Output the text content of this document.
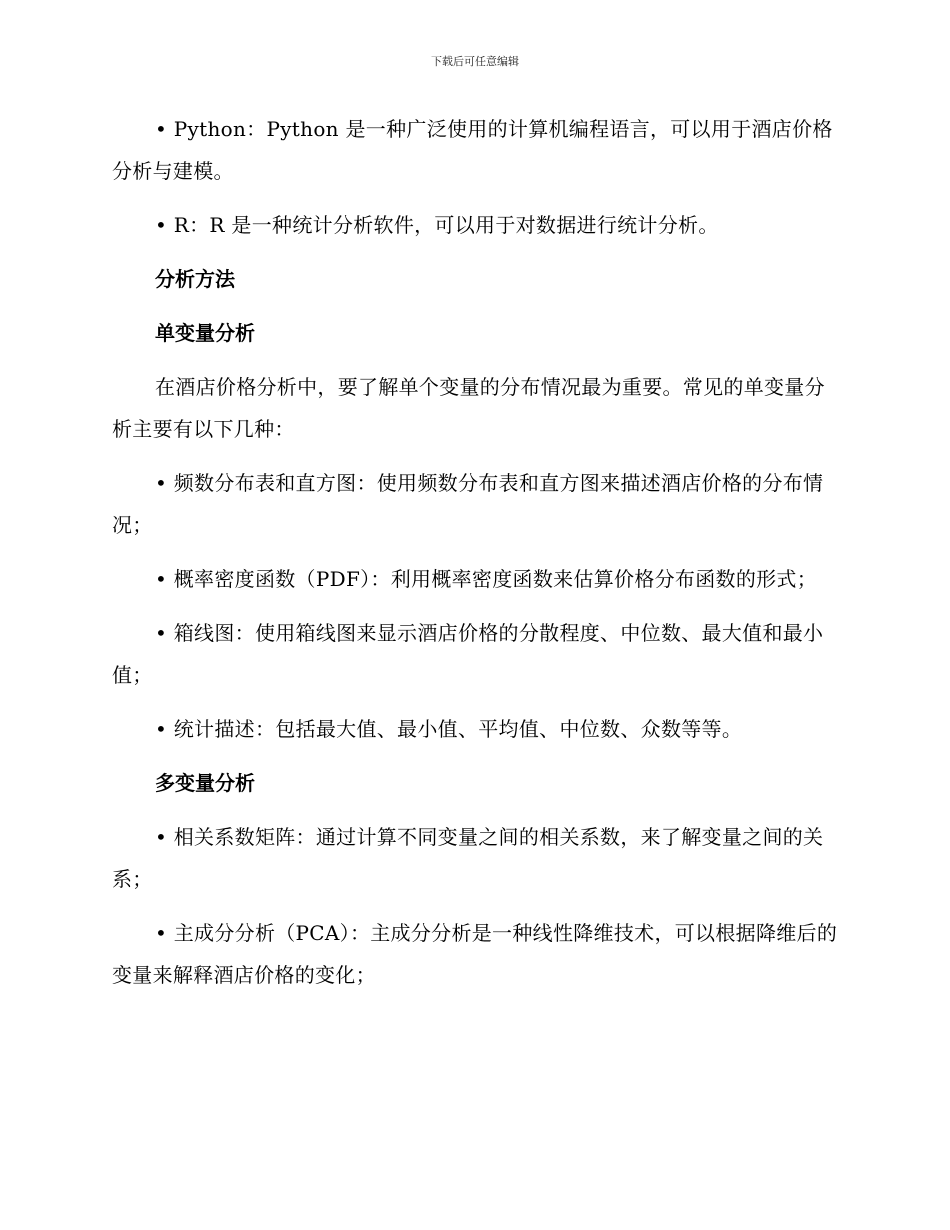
下载后可任意编辑

• Python：Python 是一种广泛使用的计算机编程语言，可以用于酒店价格分析与建模。

• R：R 是一种统计分析软件，可以用于对数据进行统计分析。

分析方法

单变量分析

在酒店价格分析中，要了解单个变量的分布情况最为重要。常见的单变量分析主要有以下几种：

• 频数分布表和直方图：使用频数分布表和直方图来描述酒店价格的分布情况；

• 概率密度函数（PDF）：利用概率密度函数来估算价格分布函数的形式；

• 箱线图：使用箱线图来显示酒店价格的分散程度、中位数、最大值和最小值；

• 统计描述：包括最大值、最小值、平均值、中位数、众数等等。

多变量分析

• 相关系数矩阵：通过计算不同变量之间的相关系数，来了解变量之间的关系；

• 主成分分析（PCA）：主成分分析是一种线性降维技术，可以根据降维后的变量来解释酒店价格的变化；
